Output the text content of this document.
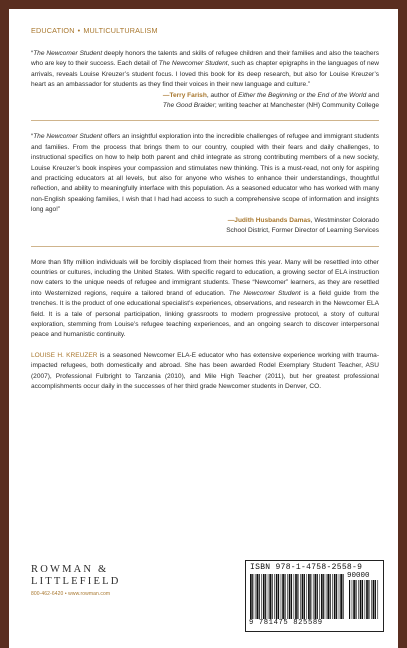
EDUCATION • MULTICULTURALISM
“The Newcomer Student deeply honors the talents and skills of refugee children and their families and also the teachers who are key to their success. Each detail of The Newcomer Student, such as chapter epigraphs in the languages of new arrivals, reveals Louise Kreuzer’s student focus. I loved this book for its deep research, but also for Louise Kreuzer’s heart as an ambassador for students as they find their voices in their new language and culture.”
—Terry Farish, author of Either the Beginning or the End of the World and
The Good Braider; writing teacher at Manchester (NH) Community College
“The Newcomer Student offers an insightful exploration into the incredible challenges of refugee and immigrant students and families. From the process that brings them to our country, coupled with their fears and daily challenges, to instructional specifics on how to help both parent and child integrate as strong contributing members of a new society, Louise Kreuzer’s book inspires your compassion and stimulates new thinking. This is a must-read, not only for aspiring and practicing educators at all levels, but also for anyone who wishes to enhance their understandings, thoughtful reflection, and ability to meaningfully interface with this population. As a seasoned educator who has worked with many non-English speaking families, I wish that I had had access to such a comprehensive scope of information and insights long ago!”
—Judith Husbands Damas, Westminster Colorado
School District, Former Director of Learning Services
More than fifty million individuals will be forcibly displaced from their homes this year. Many will be resettled into other countries or cultures, including the United States. With specific regard to education, a growing sector of ELA instruction now caters to the unique needs of refugee and immigrant students. These “Newcomer” learners, as they are resettled into Westernized regions, require a tailored brand of education. The Newcomer Student is a field guide from the trenches. It is the product of one educational specialist’s experiences, observations, and research in the Newcomer ELA field. It is a tale of personal participation, linking grassroots to modern progressive protocol, a story of cultural exploration, stemming from Louise’s refugee teaching experiences, and an ongoing search to discover interpersonal peace and humanistic continuity.
LOUISE H. KREUZER is a seasoned Newcomer ELA-E educator who has extensive experience working with trauma-impacted refugees, both domestically and abroad. She has been awarded Rodel Exemplary Student Teacher, ASU (2007), Professional Fulbright to Tanzania (2010), and Mile High Teacher (2011), but her greatest professional accomplishments occur daily in the successes of her third grade Newcomer students in Denver, CO.
ROWMAN &
LITTLEFIELD
800-462-6420 • www.rowman.com
ISBN 978-1-4758-2558-9
90000
9 781475 825589
